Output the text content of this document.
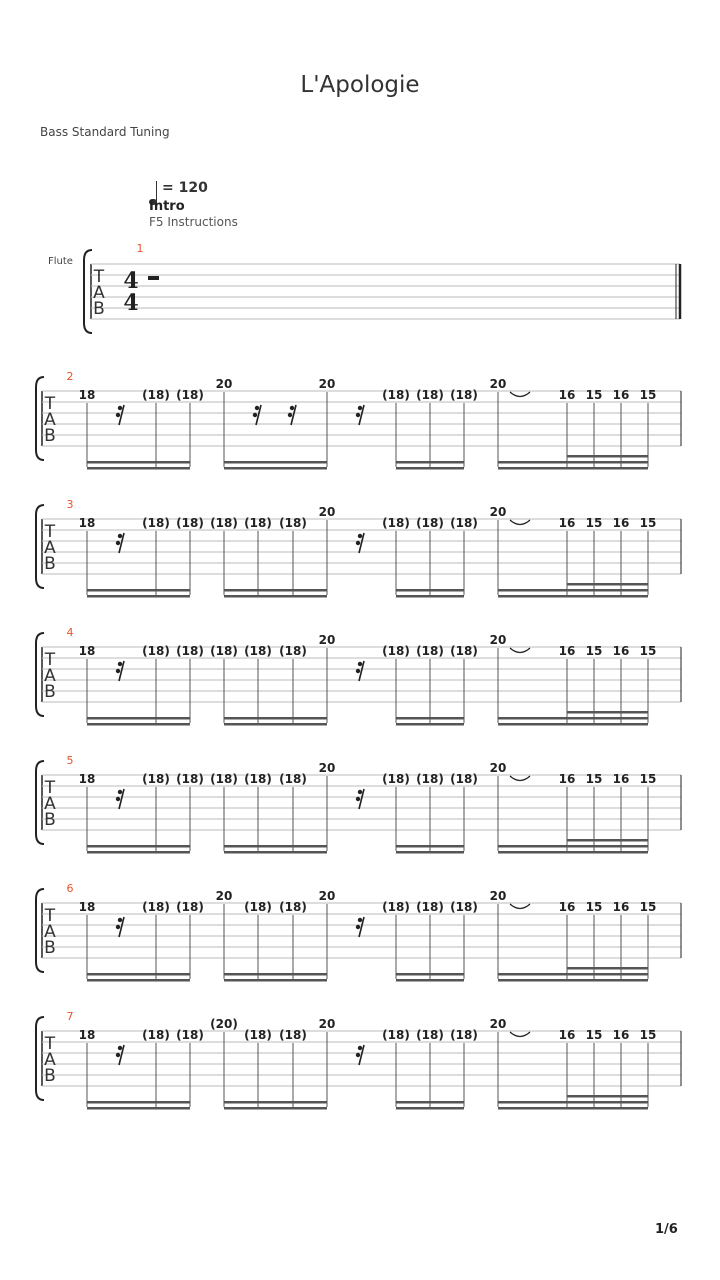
L'Apologie
Bass Standard Tuning
= 120
Intro
F5 Instructions
Flute
T
A
B
4
4
1
T
A
B
2
18	(18) (18)
20	20
(18) (18) (18)
20
16 15 16 15
T
A
B
3
18	(18) (18) (18) (18) (18)
20
(18) (18) (18)
20
16 15 16 15
T
A
B
4
18	(18) (18) (18) (18) (18)
20
(18) (18) (18)
20
16 15 16 15
T
A
B
5
18	(18) (18) (18) (18) (18)
20
(18) (18) (18)
20
16 15 16 15
T
A
B
6
18	(18) (18)
20
(18) (18)
20
(18) (18) (18)
20
16 15 16 15
T
A
B
7
18	(18) (18)
(20)
(18) (18)
20
(18) (18) (18)
20
16 15 16 15
1/6
